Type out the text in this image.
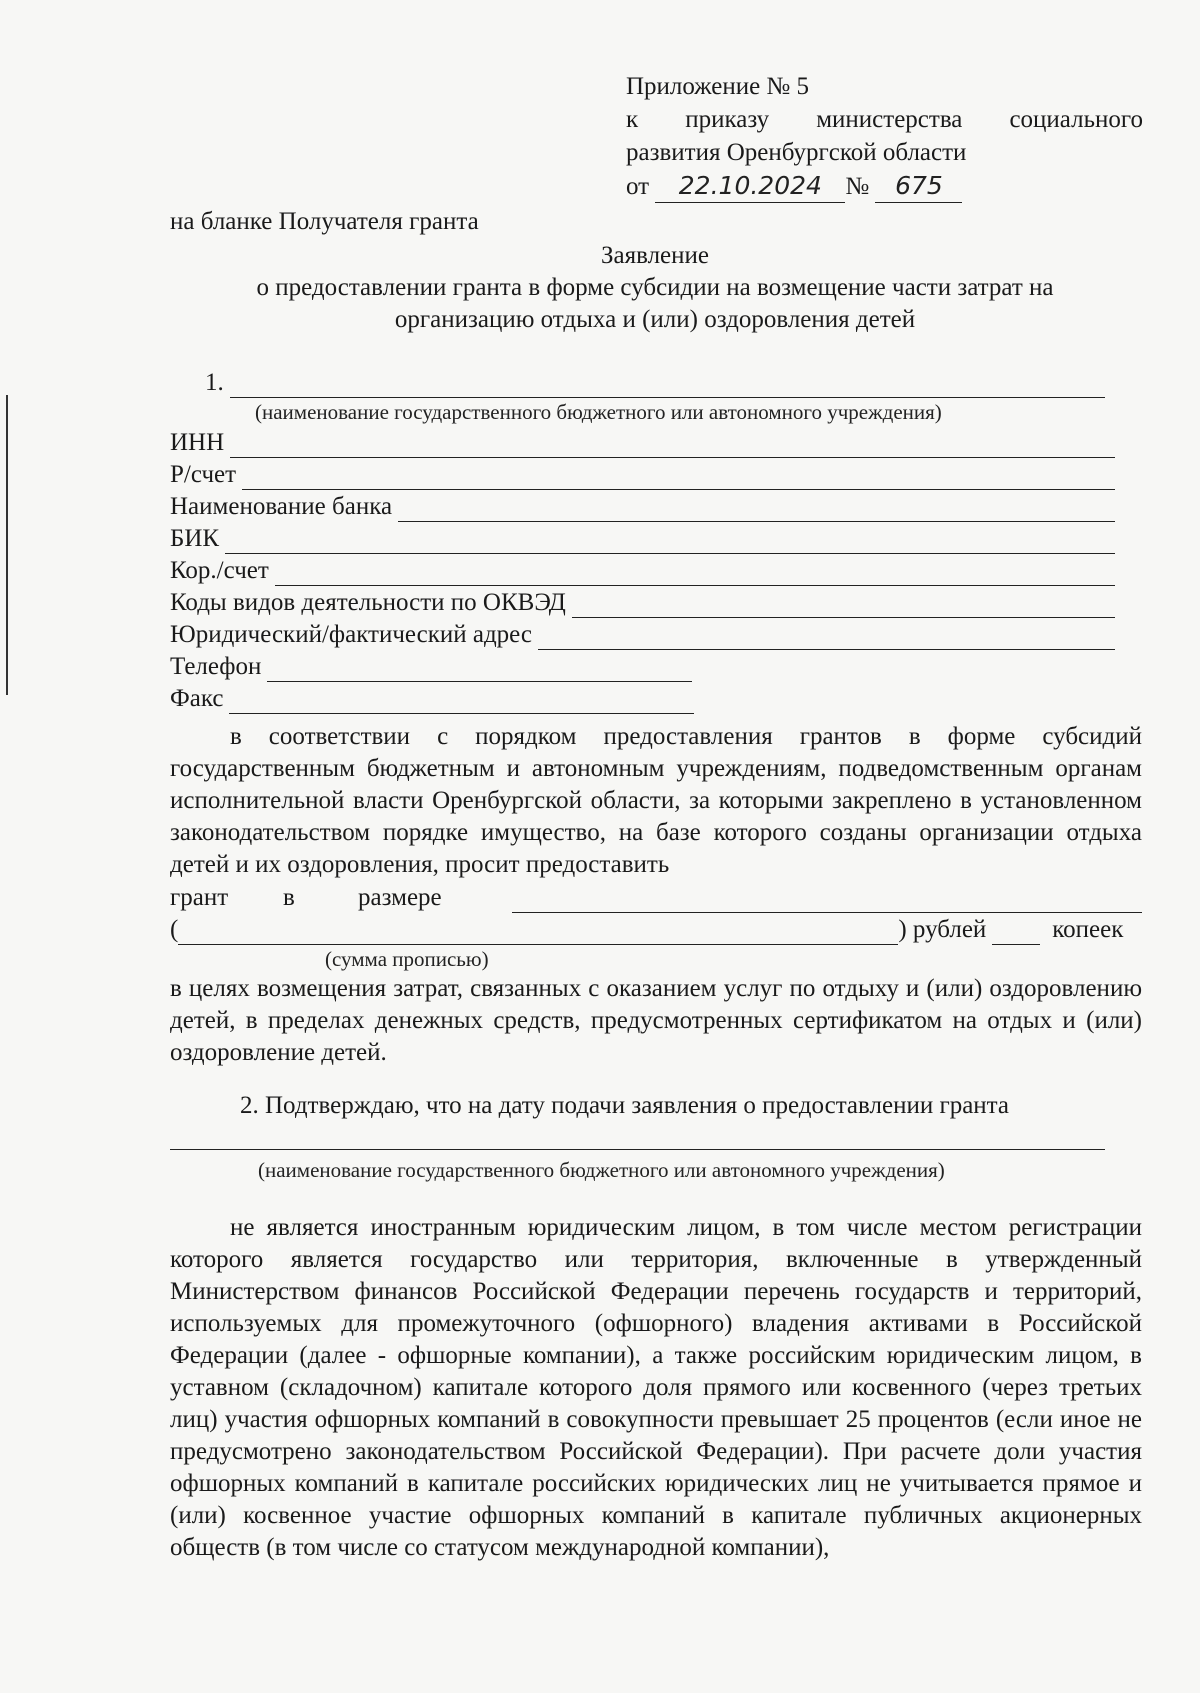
Приложение № 5
к приказу министерства социального
развития Оренбургской области
от 22.10.2024 № 675
на бланке Получателя гранта
Заявление
о предоставлении гранта в форме субсидии на возмещение части затрат на
организацию отдыха и (или) оздоровления детей
1.
(наименование государственного бюджетного или автономного учреждения)
ИНН
Р/счет
Наименование банка
БИК
Кор./счет
Коды видов деятельности по ОКВЭД
Юридический/фактический адрес
Телефон
Факс
в соответствии с порядком предоставления грантов в форме субсидий государственным бюджетным и автономным учреждениям, подведомственным органам исполнительной власти Оренбургской области, за которыми закреплено в установленном законодательством порядке имущество, на базе которого созданы организации отдыха детей и их оздоровления, просит предоставить
грант	в	размере
(	) рублей	копеек
(сумма прописью)
в целях возмещения затрат, связанных с оказанием услуг по отдыху и (или) оздоровлению детей, в пределах денежных средств, предусмотренных сертификатом на отдых и (или) оздоровление детей.
2. Подтверждаю, что на дату подачи заявления о предоставлении гранта
(наименование государственного бюджетного или автономного учреждения)
не является иностранным юридическим лицом, в том числе местом регистрации которого является государство или территория, включенные в утвержденный Министерством финансов Российской Федерации перечень государств и территорий, используемых для промежуточного (офшорного) владения активами в Российской Федерации (далее - офшорные компании), а также российским юридическим лицом, в уставном (складочном) капитале которого доля прямого или косвенного (через третьих лиц) участия офшорных компаний в совокупности превышает 25 процентов (если иное не предусмотрено законодательством Российской Федерации). При расчете доли участия офшорных компаний в капитале российских юридических лиц не учитывается прямое и (или) косвенное участие офшорных компаний в капитале публичных акционерных обществ (в том числе со статусом международной компании),
